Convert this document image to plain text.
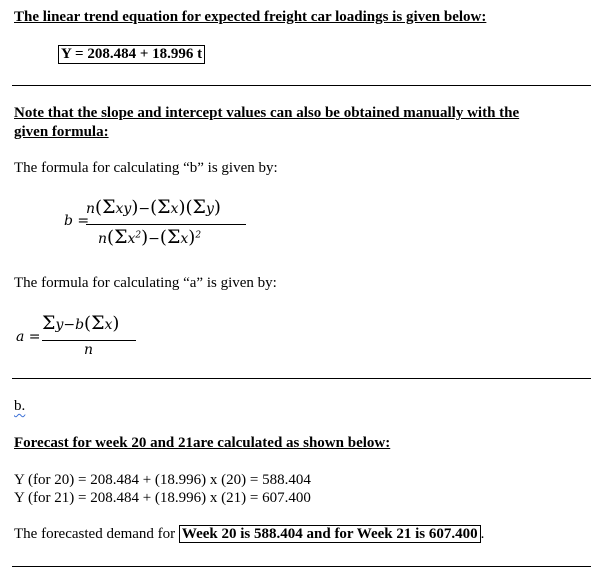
The linear trend equation for expected freight car loadings is given below:
Y = 208.484 + 18.996 t
Note that the slope and intercept values can also be obtained manually with the
given formula:
The formula for calculating “b” is given by:
b =
n(Σxy)−(Σx)(Σy)
$n(\Sigma x^2)-(\Sigma x)^2$
The formula for calculating “a” is given by:
a =
Σy−b(Σx)
n
b.
Forecast for week 20 and 21are calculated as shown below:
Y (for 20) = 208.484 + (18.996) x (20) = 588.404
Y (for 21) = 208.484 + (18.996) x (21) = 607.400
The forecasted demand for Week 20 is 588.404 and for Week 21 is 607.400 .
